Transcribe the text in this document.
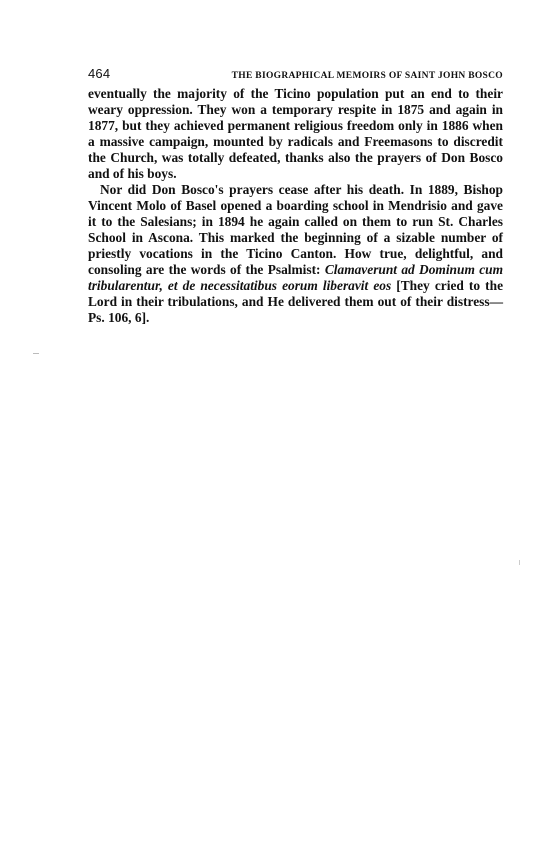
464	THE BIOGRAPHICAL MEMOIRS OF SAINT JOHN BOSCO

eventually the majority of the Ticino population put an end to their weary oppression. They won a temporary respite in 1875 and again in 1877, but they achieved permanent religious freedom only in 1886 when a massive campaign, mounted by radicals and Freemasons to discredit the Church, was totally defeated, thanks also the prayers of Don Bosco and of his boys.

Nor did Don Bosco's prayers cease after his death. In 1889, Bishop Vincent Molo of Basel opened a boarding school in Mendrisio and gave it to the Salesians; in 1894 he again called on them to run St. Charles School in Ascona. This marked the beginning of a sizable number of priestly vocations in the Ticino Canton. How true, delightful, and consoling are the words of the Psalmist: Clamaverunt ad Dominum cum tribularentur, et de necessitatibus eorum liberavit eos [They cried to the Lord in their tribulations, and He delivered them out of their distress—Ps. 106, 6].
